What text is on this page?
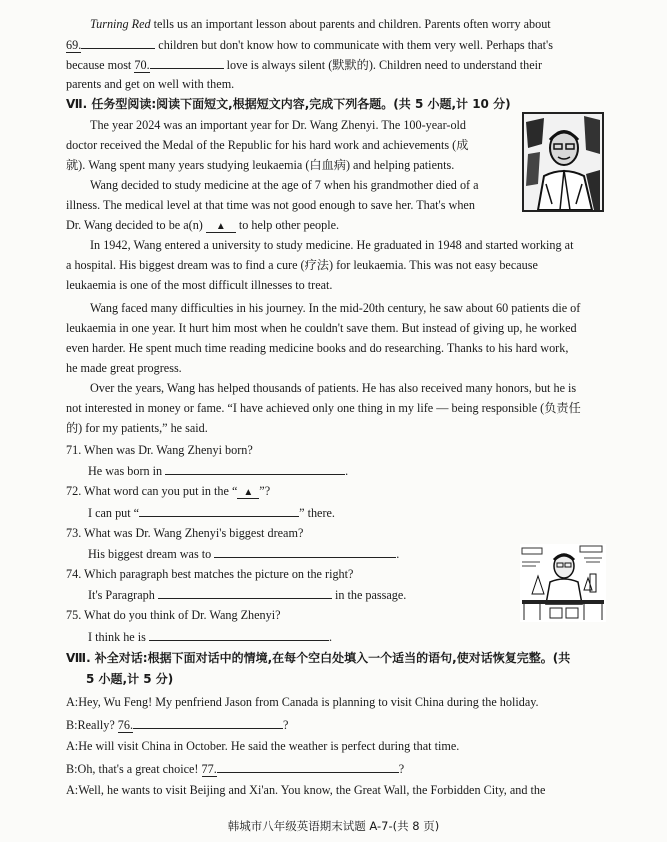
Turning Red tells us an important lesson about parents and children. Parents often worry about

69.	children but don't know how to communicate with them very well. Perhaps that's

because most 70.	love is always silent (默默的). Children need to understand their

parents and get on well with them.

Ⅶ. 任务型阅读:阅读下面短文,根据短文内容,完成下列各题。(共 5 小题,计 10 分)

The year 2024 was an important year for Dr. Wang Zhenyi. The 100-year-old

doctor received the Medal of the Republic for his hard work and achievements (成

就). Wang spent many years studying leukaemia (白血病) and helping patients.

Wang decided to study medicine at the age of 7 when his grandmother died of a

illness. The medical level at that time was not good enough to save her. That's when

Dr. Wang decided to be a(n) ▲ to help other people.

In 1942, Wang entered a university to study medicine. He graduated in 1948 and started working at

a hospital. His biggest dream was to find a cure (疗法) for leukaemia. This was not easy because

leukaemia is one of the most difficult illnesses to treat.

Wang faced many difficulties in his journey. In the mid-20th century, he saw about 60 patients die of

leukaemia in one year. It hurt him most when he couldn't save them. But instead of giving up, he worked

even harder. He spent much time reading medicine books and do researching. Thanks to his hard work,

he made great progress.

Over the years, Wang has helped thousands of patients. He has also received many honors, but he is

not interested in money or fame. “I have achieved only one thing in my life — being responsible (负责任

的) for my patients,” he said.

71. When was Dr. Wang Zhenyi born?

He was born in	.

72. What word can you put in the “ ▲ ”?

I can put “	” there.

73. What was Dr. Wang Zhenyi's biggest dream?

His biggest dream was to	.

74. Which paragraph best matches the picture on the right?

It's Paragraph	in the passage.

75. What do you think of Dr. Wang Zhenyi?

I think he is	.

Ⅷ. 补全对话:根据下面对话中的情境,在每个空白处填入一个适当的语句,使对话恢复完整。(共

5 小题,计 5 分)

A:Hey, Wu Feng! My penfriend Jason from Canada is planning to visit China during the holiday.

B:Really? 76.	?

A:He will visit China in October. He said the weather is perfect during that time.

B:Oh, that's a great choice! 77.	?

A:Well, he wants to visit Beijing and Xi'an. You know, the Great Wall, the Forbidden City, and the

韩城市八年级英语期末试题 A-7-(共 8 页)
